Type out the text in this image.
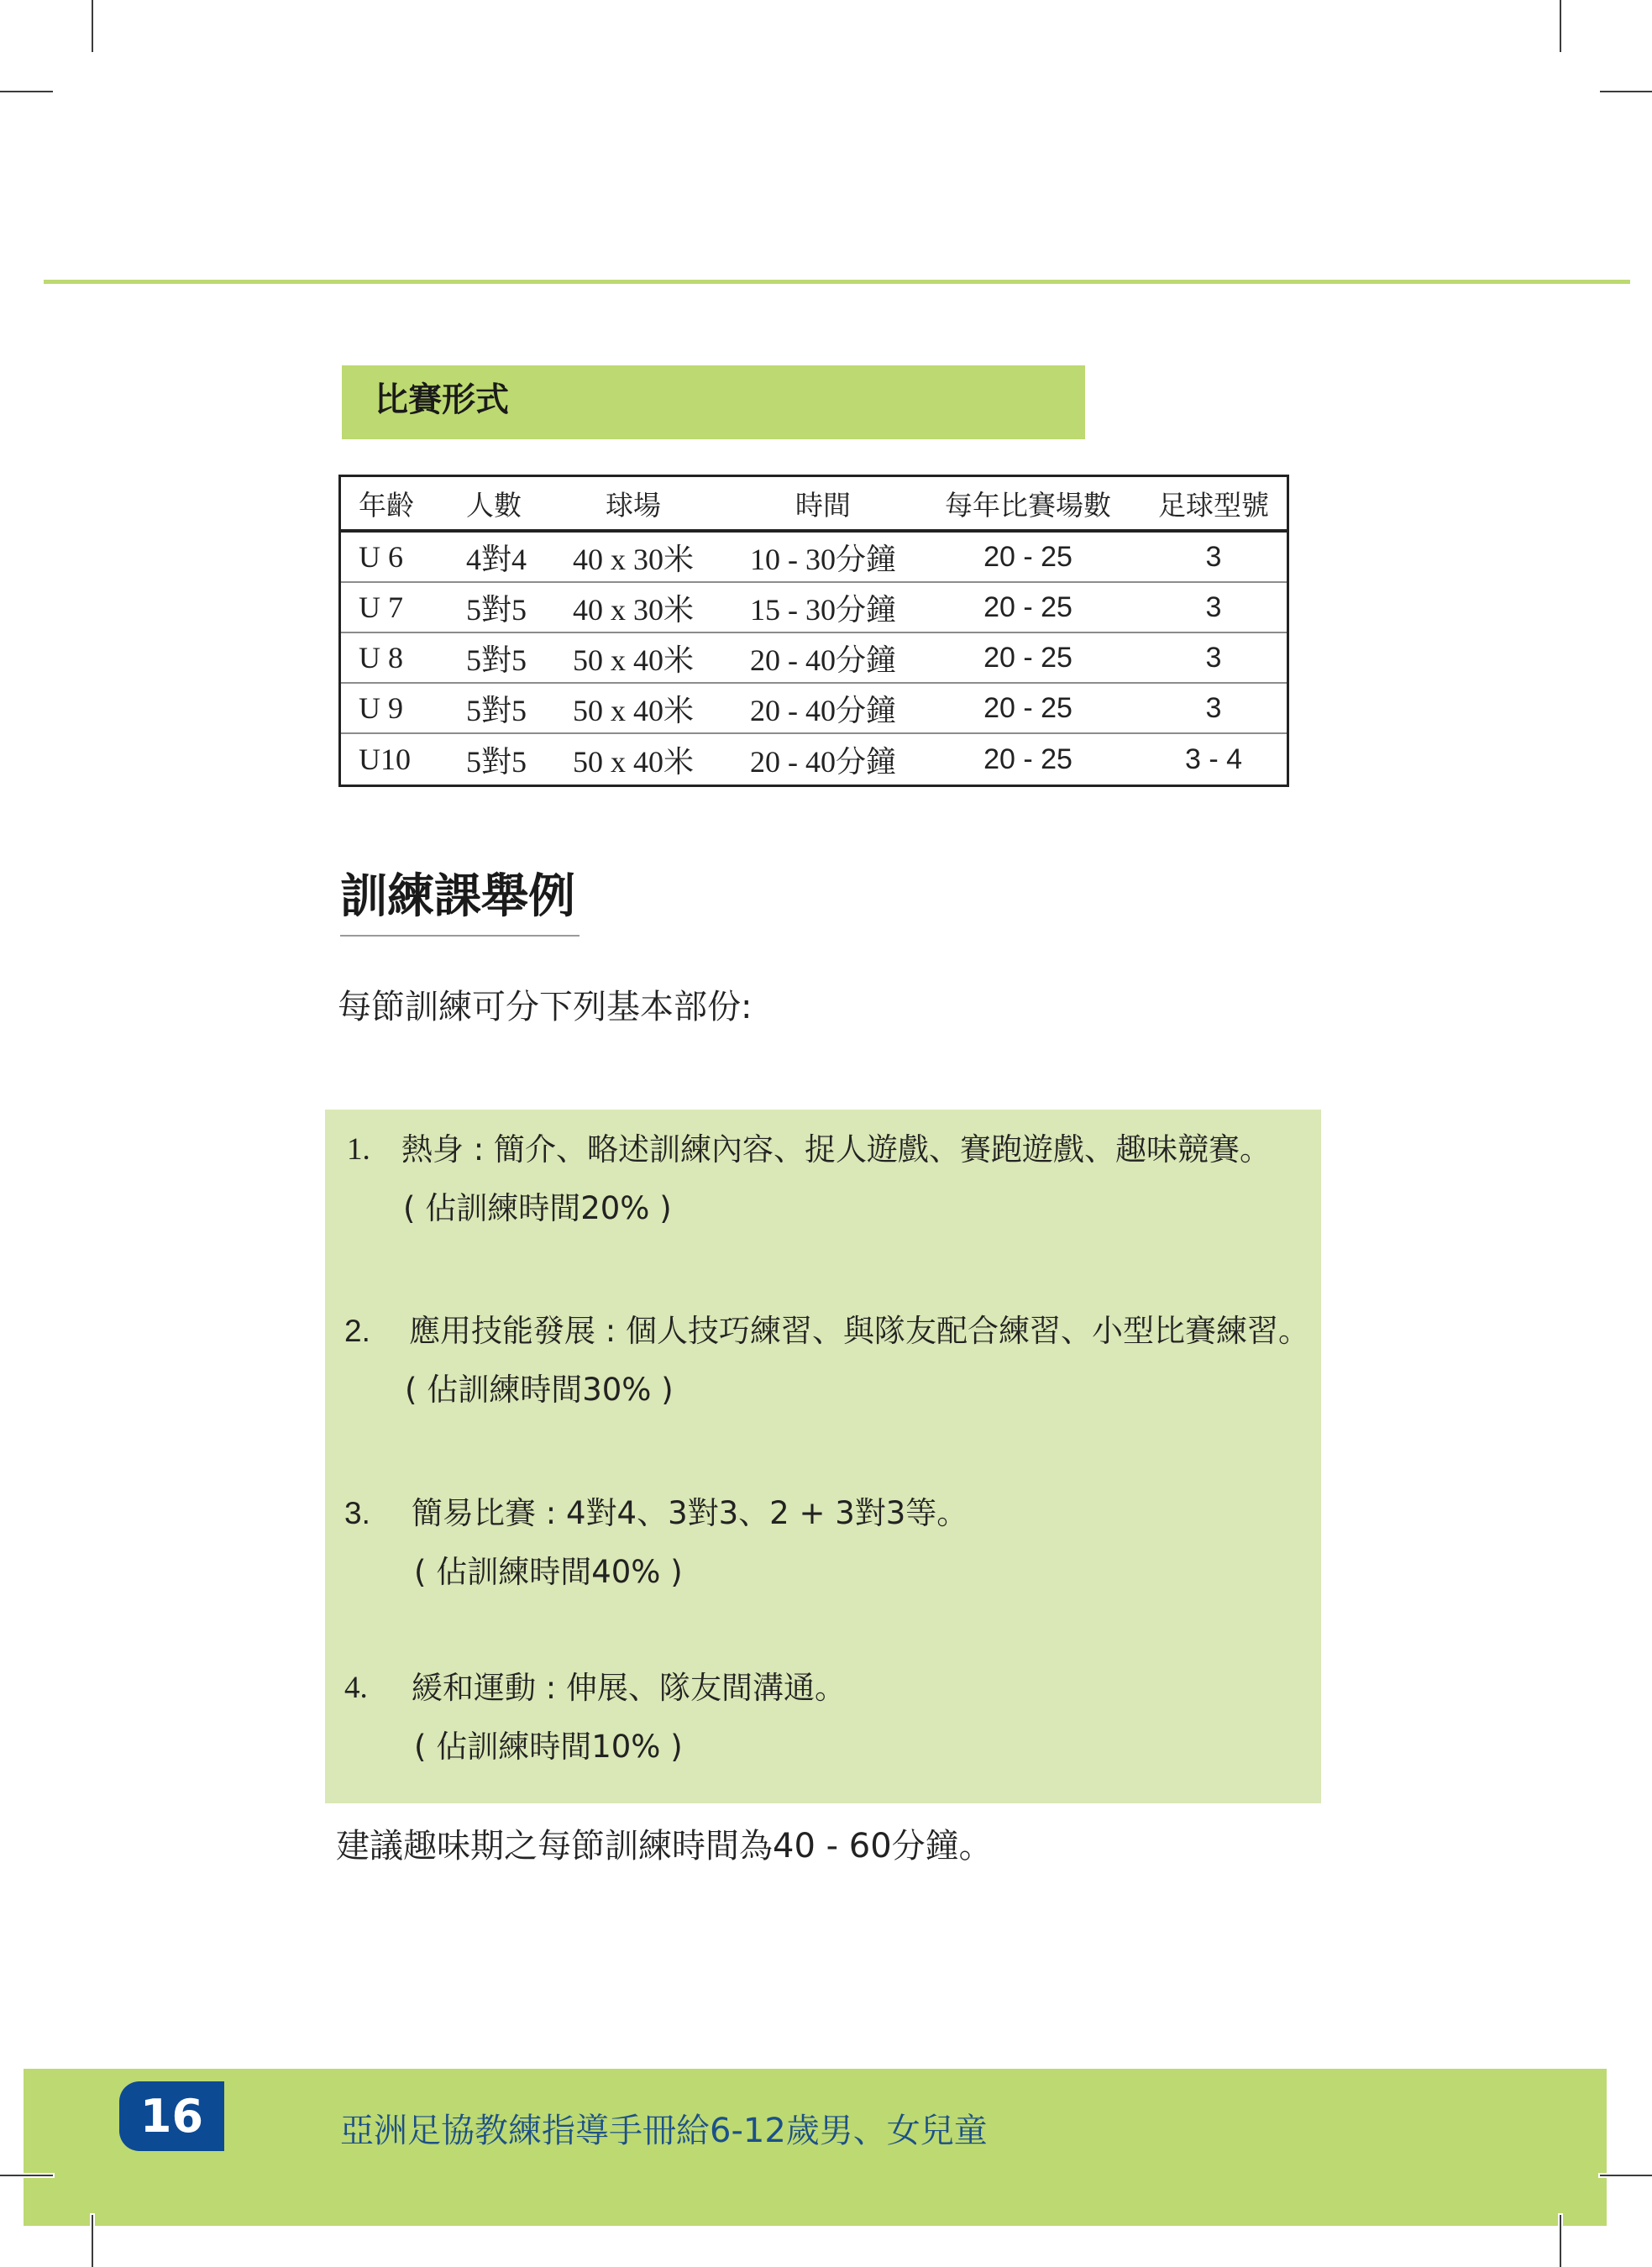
比賽形式
年齡	人數	球場	時間	每年比賽場數	足球型號
U 6	4對4	40 x 30米	10 - 30分鐘	20 - 25	3
U 7	5對5	40 x 30米	15 - 30分鐘	20 - 25	3
U 8	5對5	50 x 40米	20 - 40分鐘	20 - 25	3
U 9	5對5	50 x 40米	20 - 40分鐘	20 - 25	3
U10	5對5	50 x 40米	20 - 40分鐘	20 - 25	3 - 4
訓練課舉例
每節訓練可分下列基本部份:
1. 熱身 : 簡介、略述訓練內容、捉人遊戲、賽跑遊戲、趣味競賽。
( 佔訓練時間20% )
2. 應用技能發展 : 個人技巧練習、與隊友配合練習、小型比賽練習。
( 佔訓練時間30% )
3. 簡易比賽 : 4對4、3對3、2 + 3對3等。
( 佔訓練時間40% )
4. 緩和運動 : 伸展、隊友間溝通。
( 佔訓練時間10% )
建議趣味期之每節訓練時間為40 - 60分鐘。
16	亞洲足協教練指導手冊給6-12歲男、女兒童
